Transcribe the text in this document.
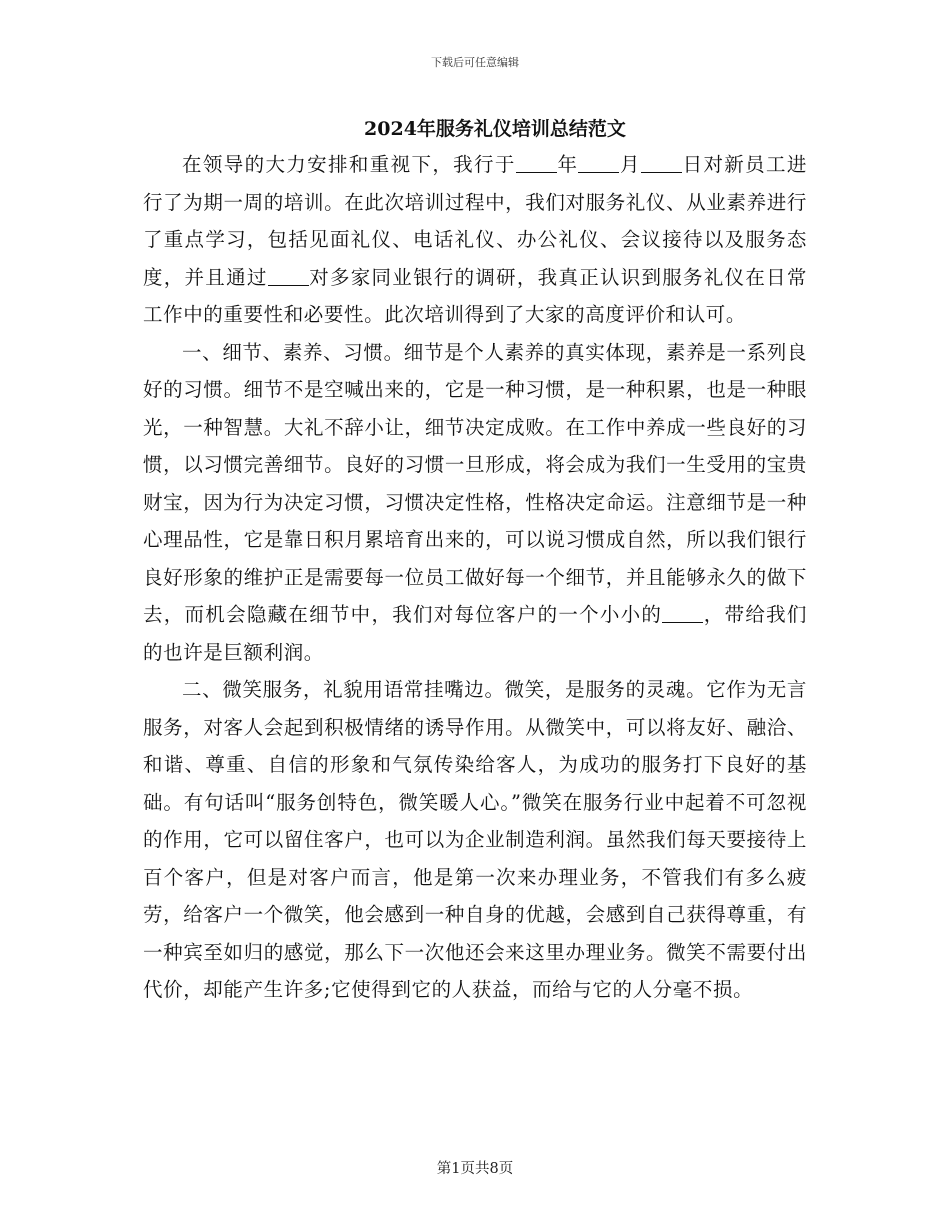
下载后可任意编辑
2024年服务礼仪培训总结范文

在领导的大力安排和重视下，我行于 年 月 日对新员工进行了为期一周的培训。在此次培训过程中，我们对服务礼仪、从业素养进行了重点学习，包括见面礼仪、电话礼仪、办公礼仪、会议接待以及服务态度，并且通过 对多家同业银行的调研，我真正认识到服务礼仪在日常工作中的重要性和必要性。此次培训得到了大家的高度评价和认可。

一、细节、素养、习惯。细节是个人素养的真实体现，素养是一系列良好的习惯。细节不是空喊出来的，它是一种习惯，是一种积累，也是一种眼光，一种智慧。大礼不辞小让，细节决定成败。在工作中养成一些良好的习惯，以习惯完善细节。良好的习惯一旦形成，将会成为我们一生受用的宝贵财宝，因为行为决定习惯，习惯决定性格，性格决定命运。注意细节是一种心理品性，它是靠日积月累培育出来的，可以说习惯成自然，所以我们银行良好形象的维护正是需要每一位员工做好每一个细节，并且能够永久的做下去，而机会隐藏在细节中，我们对每位客户的一个小小的 ，带给我们的也许是巨额利润。

二、微笑服务，礼貌用语常挂嘴边。微笑，是服务的灵魂。它作为无言服务，对客人会起到积极情绪的诱导作用。从微笑中，可以将友好、融洽、和谐、尊重、自信的形象和气氛传染给客人，为成功的服务打下良好的基础。有句话叫“服务创特色，微笑暖人心。”微笑在服务行业中起着不可忽视的作用，它可以留住客户，也可以为企业制造利润。虽然我们每天要接待上百个客户，但是对客户而言，他是第一次来办理业务，不管我们有多么疲劳，给客户一个微笑，他会感到一种自身的优越，会感到自己获得尊重，有一种宾至如归的感觉，那么下一次他还会来这里办理业务。微笑不需要付出代价，却能产生许多;它使得到它的人获益，而给与它的人分毫不损。

第1页共8页
